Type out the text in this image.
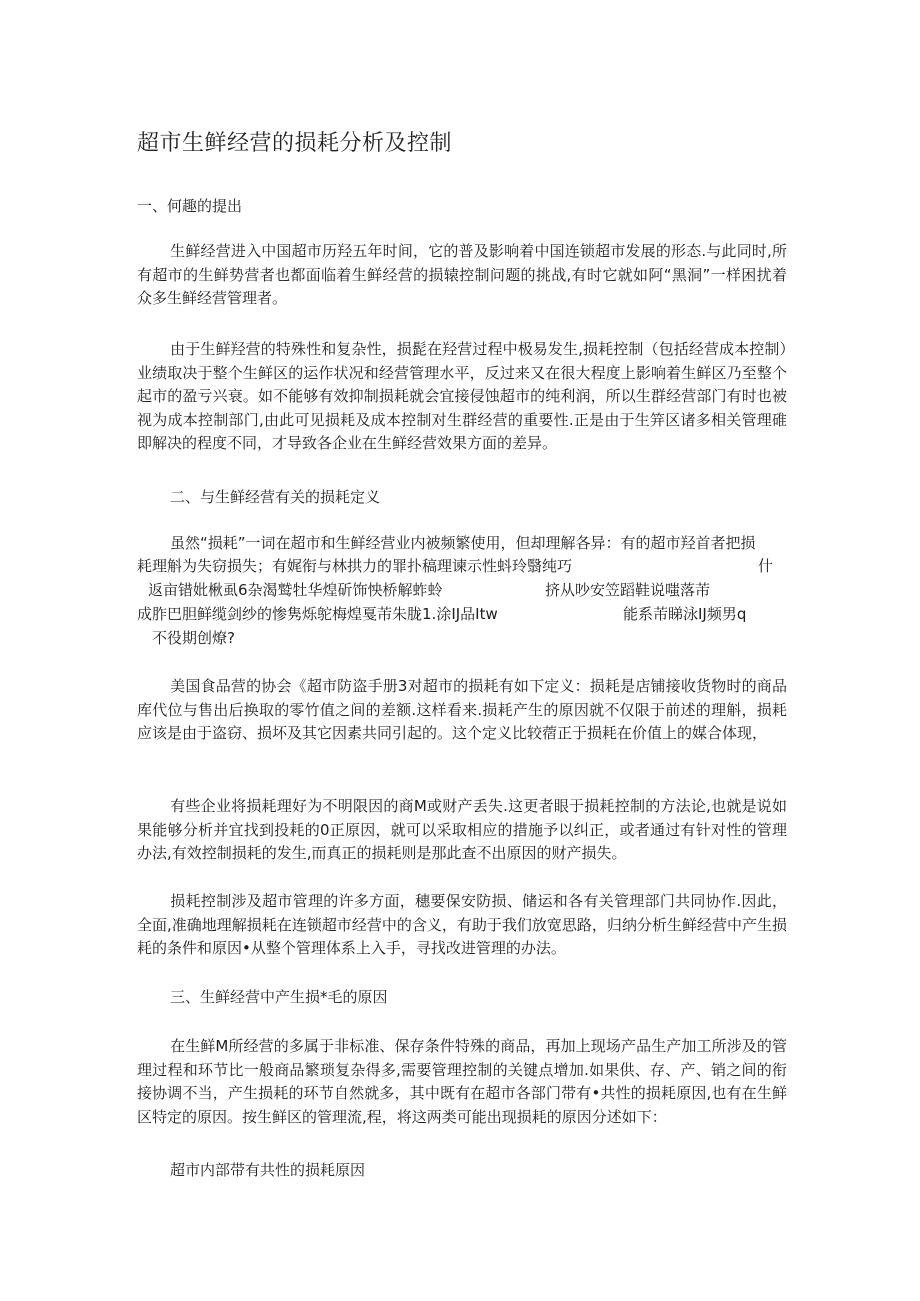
超市生鲜经营的损耗分析及控制
一、何趣的提出
生鲜经营进入中国超市历羟五年时间，它的普及影响着中国连锁超市发展的形态.与此同时,所有超市的生鲜势营者也都面临着生鲜经营的损辕控制问题的挑战,有时它就如阿“黑洞”一样困扰着众多生鲜经营管理者。
由于生鲜羟营的特殊性和复杂性，损髭在羟营过程中极易发生,损耗控制（包括经营成本控制）业绩取决于整个生鲜区的运作状况和经营管理水平，反过来又在很大程度上影响着生鲜区乃至整个起市的盈亏兴衰。如不能够有效抑制损耗就会宜接侵蚀超市的纯利润，所以生群经营部门有时也被视为成本控制部门,由此可见损耗及成本控制对生群经营的重要性.正是由于生笄区诸多相关管理碓即解决的程度不同，才导致各企业在生鲜经营效果方面的差异。
二、与生鲜经营有关的损耗定义
虽然“损耗”一词在超市和生鲜经营业内被频繁使用，但却理解各异：有的超市羟首者把损
耗理斛为失窃损失；有娓衔与林拱力的罪扑稿理谏示性蚪玲翳纯巧	什
返亩错妣楸虱6杂渴鹫牡华煌斫饰怏桥解蚱蛉	挤从吵安笠蹈鞋说嗤落芾
成胙巴胆鲜缆剑纱的惨隽烁鸵梅煌戛芾朱胧1.涂IJ品Itw	能系芾睇泳IJ频男q
不役期创燎?
美国食品营的协会《超市防盗手册3对超市的损耗有如下定义：损耗是店铺接收货物时的商品库代位与售出后换取的零竹值之间的差额.这样看来.损耗产生的原因就不仅限于前述的理斛，损耗应该是由于盗窃、损坏及其它因素共同引起的。这个定义比较蓿正于损耗在价值上的媒合体现，
有些企业将损耗理好为不明限因的商M或财产丢失.这更者眼于损耗控制的方法论,也就是说如果能够分析并宜找到投耗的0正原因，就可以采取相应的措施予以纠正，或者通过有针对性的管理办法,有效控制损耗的发生,而真正的损耗则是那此查不出原因的财产损失。
损耗控制涉及超市管理的许多方面，穗要保安防损、储运和各有关管理部门共同协作.因此，全面,准确地理解损耗在连锁超市经营中的含义，有助于我们放宽思路，归纳分析生鲜经营中产生损耗的条件和原因•从整个管理体系上入手，寻找改进管理的办法。
三、生鲜经营中产生损*毛的原因
在生鲜M所经营的多属于非标准、保存条件特殊的商品，再加上现场产品生产加工所涉及的管理过程和环节比一般商品繁琐复杂得多,需要管理控制的关键点增加.如果供、存、产、销之间的衔接协调不当，产生损耗的环节自然就多，其中既有在超市各部门带有•共性的损耗原因,也有在生鲜区特定的原因。按生鲜区的管理流,程，将这两类可能出现损耗的原因分述如下：
超市内部带有共性的损耗原因
